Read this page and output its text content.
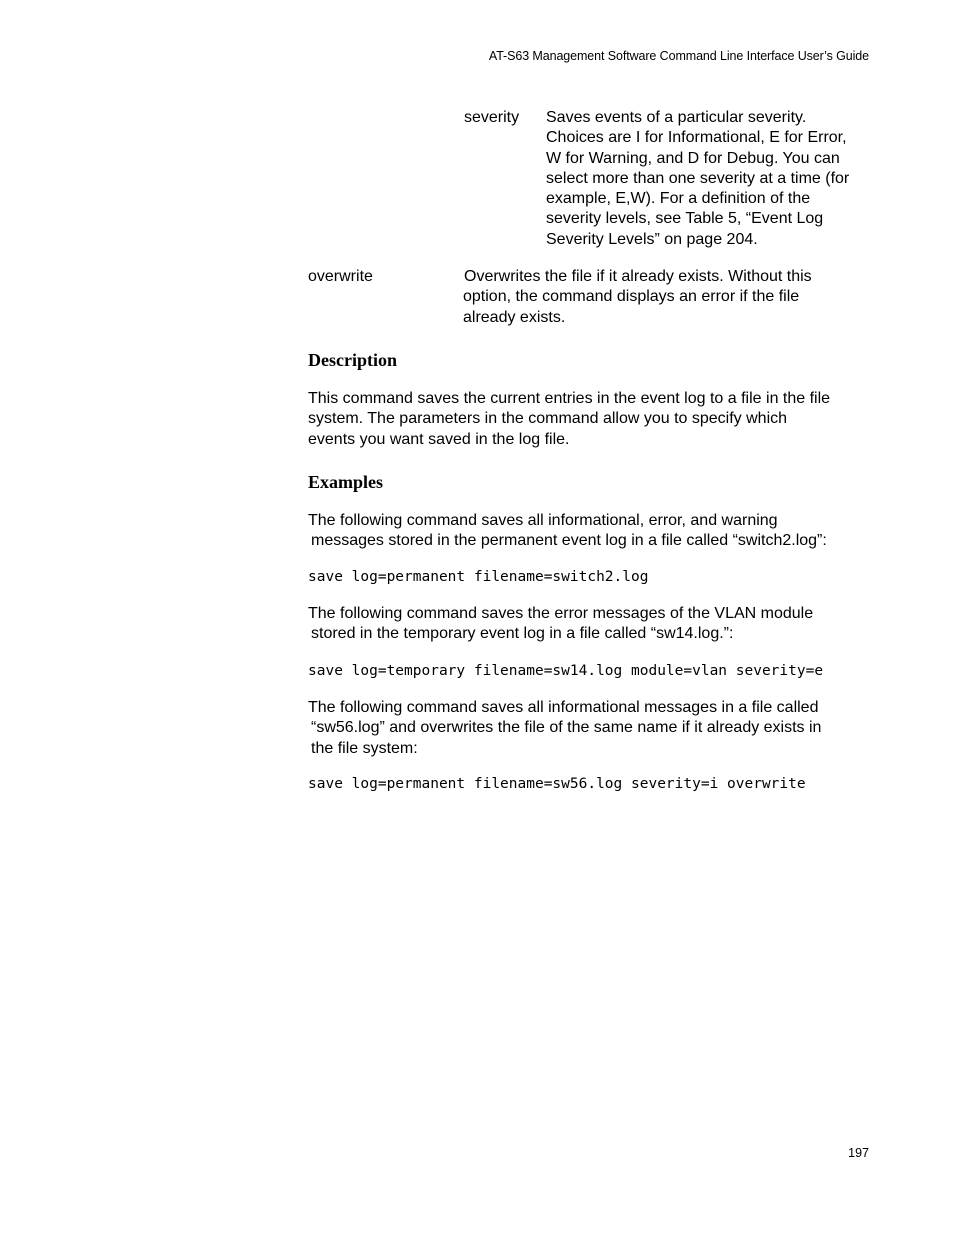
AT-S63 Management Software Command Line Interface User’s Guide
severity Saves events of a particular severity.
Choices are I for Informational, E for Error,
W for Warning, and D for Debug. You can
select more than one severity at a time (for
example, E,W). For a definition of the
severity levels, see Table 5, “Event Log
Severity Levels” on page 204.
overwrite	Overwrites the file if it already exists. Without this
option, the command displays an error if the file
already exists.
Description
This command saves the current entries in the event log to a file in the file
system. The parameters in the command allow you to specify which
events you want saved in the log file.
Examples
The following command saves all informational, error, and warning
messages stored in the permanent event log in a file called “switch2.log”:
save log=permanent filename=switch2.log
The following command saves the error messages of the VLAN module
stored in the temporary event log in a file called “sw14.log.”:
save log=temporary filename=sw14.log module=vlan severity=e
The following command saves all informational messages in a file called
“sw56.log” and overwrites the file of the same name if it already exists in
the file system:
save log=permanent filename=sw56.log severity=i overwrite
197
